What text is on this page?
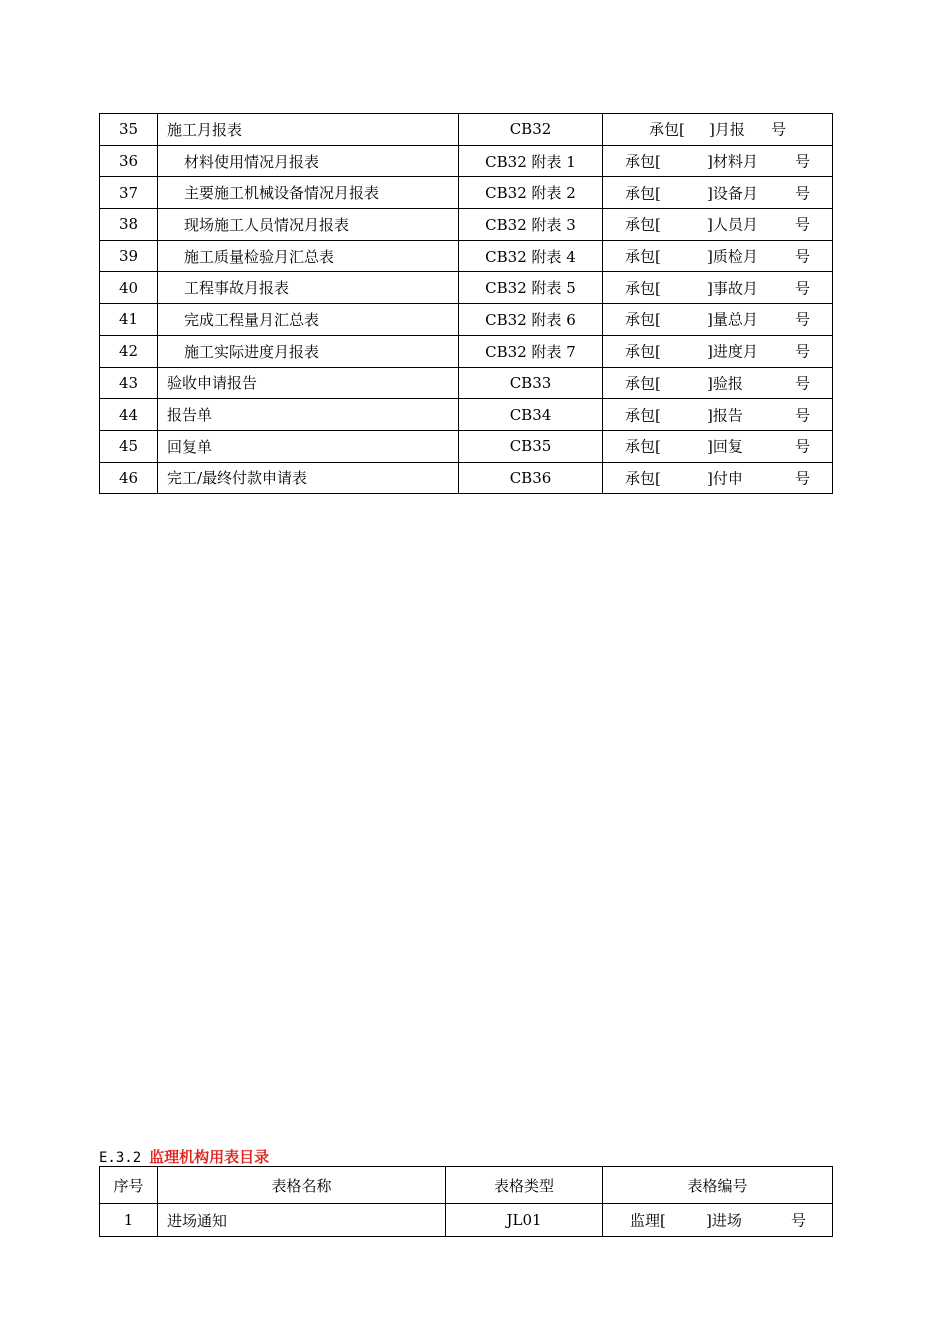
35	施工月报表	CB32	承包[ ]月报 号

36	材料使用情况月报表	CB32 附表 1	承包[ ]材料月 号

37	主要施工机械设备情况月报表	CB32 附表 2	承包[ ]设备月 号

38	现场施工人员情况月报表	CB32 附表 3	承包[ ]人员月 号

39	施工质量检验月汇总表	CB32 附表 4	承包[ ]质检月 号

40	工程事故月报表	CB32 附表 5	承包[ ]事故月 号

41	完成工程量月汇总表	CB32 附表 6	承包[ ]量总月 号

42	施工实际进度月报表	CB32 附表 7	承包[ ]进度月 号

43	验收申请报告	CB33	承包[ ]验报 号

44	报告单	CB34	承包[ ]报告 号

45	回复单	CB35	承包[ ]回复 号

46	完工/最终付款申请表	CB36	承包[ ]付申 号
E.3.2 监理机构用表目录
序号	表格名称	表格类型	表格编号
1	进场通知	JL01	监理[ ]进场 号
